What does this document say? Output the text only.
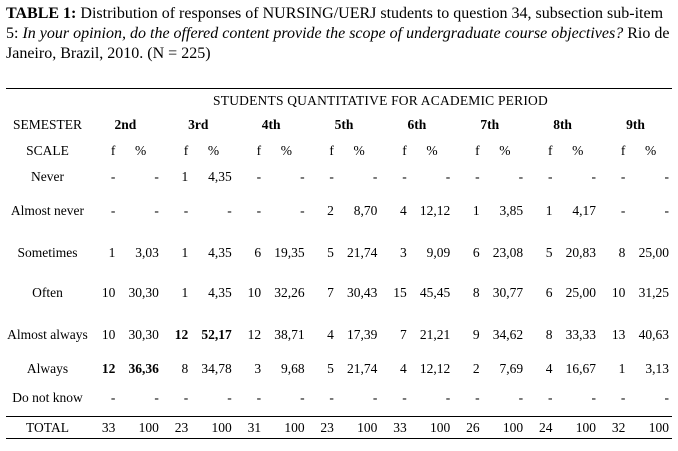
TABLE 1: Distribution of responses of NURSING/UERJ students to question 34, subsection sub-item 5: In your opinion, do the offered content provide the scope of undergraduate course objectives? Rio de Janeiro, Brazil, 2010. (N = 225)
	STUDENTS QUANTITATIVE FOR ACADEMIC PERIOD															
SEMESTER	2nd		3rd		4th		5th		6th		7th		8th		9th	
SCALE	f	%	f	%	f	%	f	%	f	%	f	%	f	%	f	%
Never	-	-	1	4,35	-	-	-	-	-	-	-	-	-	-	-	-
Almost never	-	-	-	-	-	-	2	8,70	4	12,12	1	3,85	1	4,17	-	-
Sometimes	1	3,03	1	4,35	6	19,35	5	21,74	3	9,09	6	23,08	5	20,83	8	25,00
Often	10	30,30	1	4,35	10	32,26	7	30,43	15	45,45	8	30,77	6	25,00	10	31,25
Almost always	10	30,30	12	52,17	12	38,71	4	17,39	7	21,21	9	34,62	8	33,33	13	40,63
Always	12	36,36	8	34,78	3	9,68	5	21,74	4	12,12	2	7,69	4	16,67	1	3,13
Do not know	-	-	-	-	-	-	-	-	-	-	-	-	-	-	-	-
TOTAL	33	100	23	100	31	100	23	100	33	100	26	100	24	100	32	100
